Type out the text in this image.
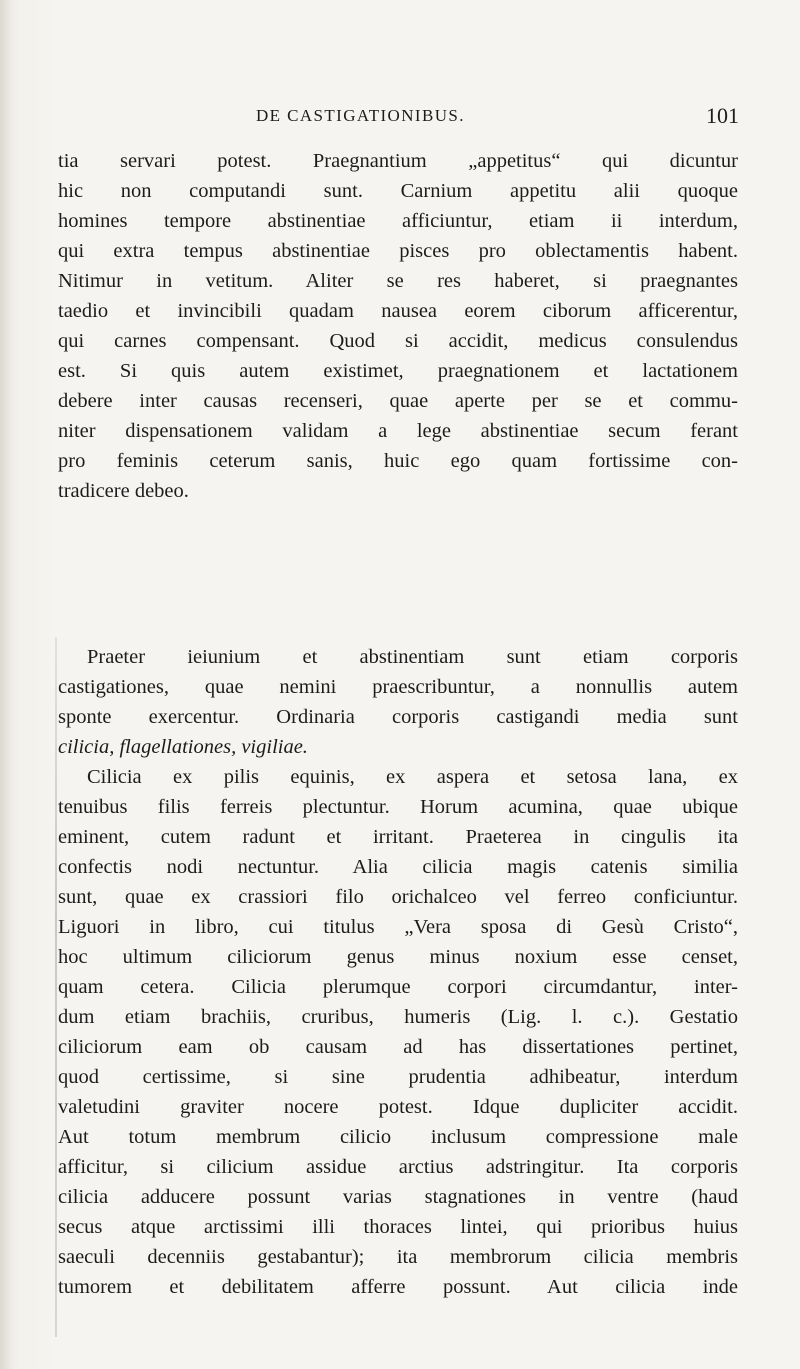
DE CASTIGATIONIBUS.	101
tia servari potest. Praegnantium „appetitus“ qui dicuntur
hic non computandi sunt. Carnium appetitu alii quoque
homines tempore abstinentiae afficiuntur, etiam ii interdum,
qui extra tempus abstinentiae pisces pro oblectamentis habent.
Nitimur in vetitum. Aliter se res haberet, si praegnantes
taedio et invincibili quadam nausea eorem ciborum afficerentur,
qui carnes compensant. Quod si accidit, medicus consulendus
est. Si quis autem existimet, praegnationem et lactationem
debere inter causas recenseri, quae aperte per se et commu-
niter dispensationem validam a lege abstinentiae secum ferant
pro feminis ceterum sanis, huic ego quam fortissime con-
tradicere debeo.
Praeter ieiunium et abstinentiam sunt etiam corporis
castigationes, quae nemini praescribuntur, a nonnullis autem
sponte exercentur. Ordinaria corporis castigandi media sunt
cilicia, flagellationes, vigiliae.
Cilicia ex pilis equinis, ex aspera et setosa lana, ex
tenuibus filis ferreis plectuntur. Horum acumina, quae ubique
eminent, cutem radunt et irritant. Praeterea in cingulis ita
confectis nodi nectuntur. Alia cilicia magis catenis similia
sunt, quae ex crassiori filo orichalceo vel ferreo conficiuntur.
Liguori in libro, cui titulus „Vera sposa di Gesù Cristo“,
hoc ultimum ciliciorum genus minus noxium esse censet,
quam cetera. Cilicia plerumque corpori circumdantur, inter-
dum etiam brachiis, cruribus, humeris (Lig. l. c.). Gestatio
ciliciorum eam ob causam ad has dissertationes pertinet,
quod certissime, si sine prudentia adhibeatur, interdum
valetudini graviter nocere potest. Idque dupliciter accidit.
Aut totum membrum cilicio inclusum compressione male
afficitur, si cilicium assidue arctius adstringitur. Ita corporis
cilicia adducere possunt varias stagnationes in ventre (haud
secus atque arctissimi illi thoraces lintei, qui prioribus huius
saeculi decenniis gestabantur); ita membrorum cilicia membris
tumorem et debilitatem afferre possunt. Aut cilicia inde
